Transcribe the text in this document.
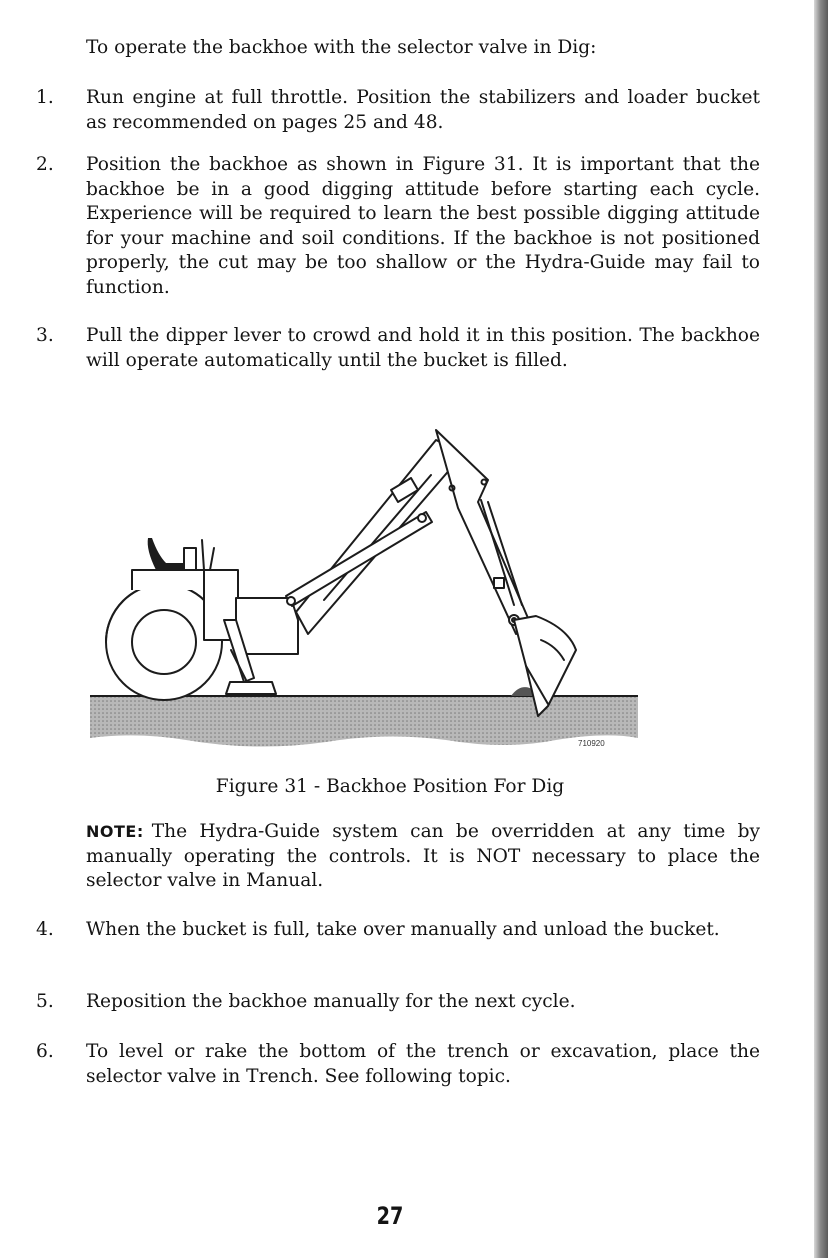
To operate the backhoe with the selector valve in Dig:

1. Run engine at full throttle. Position the stabilizers and loader bucket as recommended on pages 25 and 48.

2. Position the backhoe as shown in Figure 31. It is important that the backhoe be in a good digging attitude before starting each cycle. Experience will be required to learn the best possible digging attitude for your machine and soil conditions. If the backhoe is not positioned properly, the cut may be too shallow or the Hydra-Guide may fail to function.

3. Pull the dipper lever to crowd and hold it in this position. The backhoe will operate automatically until the bucket is filled.

710920
Figure 31 - Backhoe Position For Dig

NOTE: The Hydra-Guide system can be overridden at any time by manually operating the controls. It is NOT necessary to place the selector valve in Manual.

4. When the bucket is full, take over manually and unload the bucket.

5. Reposition the backhoe manually for the next cycle.

6. To level or rake the bottom of the trench or excavation, place the selector valve in Trench. See following topic.

27
